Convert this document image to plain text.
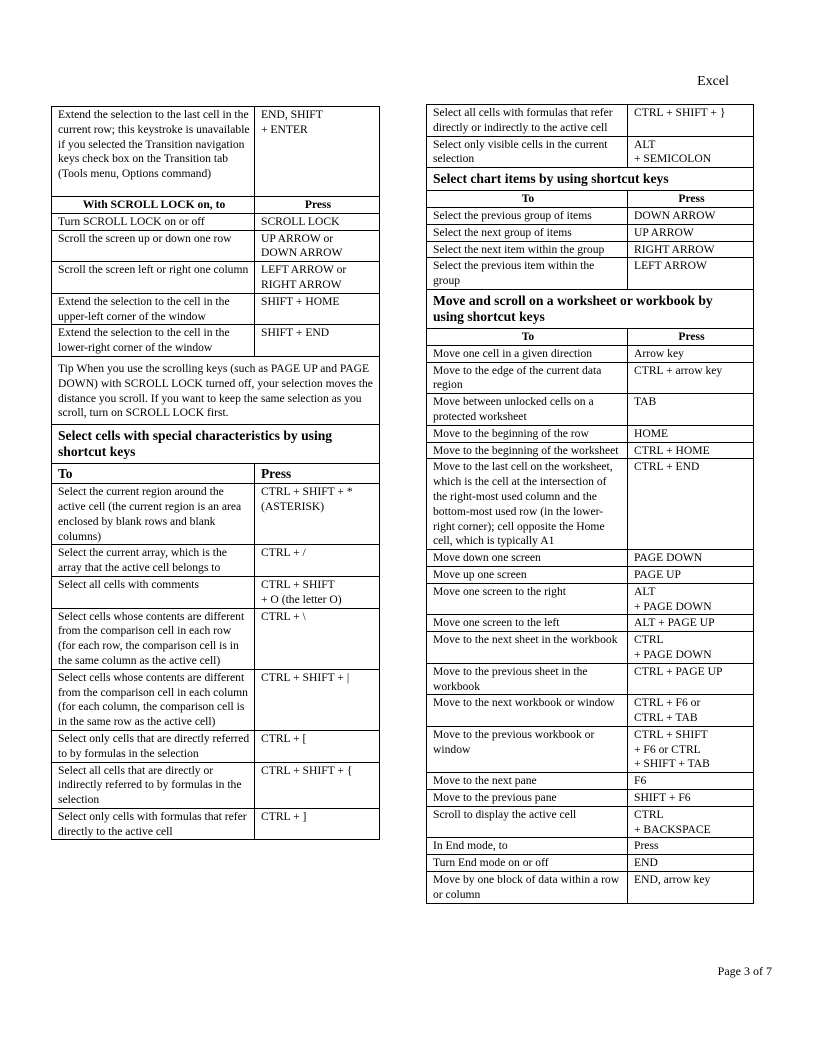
Excel
Extend the selection to the last cell in the current row; this keystroke is unavailable if you selected the Transition navigation keys check box on the Transition tab (Tools menu, Options command)	END, SHIFT
+ ENTER
With SCROLL LOCK on, to	Press
Turn SCROLL LOCK on or off	SCROLL LOCK
Scroll the screen up or down one row	UP ARROW or
DOWN ARROW
Scroll the screen left or right one column	LEFT ARROW or
RIGHT ARROW
Extend the selection to the cell in the upper-left corner of the window	SHIFT + HOME
Extend the selection to the cell in the lower-right corner of the window	SHIFT + END
Tip When you use the scrolling keys (such as PAGE UP and PAGE DOWN) with SCROLL LOCK turned off, your selection moves the distance you scroll. If you want to keep the same selection as you scroll, turn on SCROLL LOCK first.	
Select cells with special characteristics by using shortcut keys	
To	Press
Select the current region around the active cell (the current region is an area enclosed by blank rows and blank columns)	CTRL + SHIFT + *
(ASTERISK)
Select the current array, which is the array that the active cell belongs to	CTRL + /
Select all cells with comments	CTRL + SHIFT
+ O (the letter O)
Select cells whose contents are different from the comparison cell in each row (for each row, the comparison cell is in the same column as the active cell)	CTRL + \
Select cells whose contents are different from the comparison cell in each column (for each column, the comparison cell is in the same row as the active cell)	CTRL + SHIFT + |
Select only cells that are directly referred to by formulas in the selection	CTRL + [
Select all cells that are directly or indirectly referred to by formulas in the selection	CTRL + SHIFT + {
Select only cells with formulas that refer directly to the active cell	CTRL + ]
Select all cells with formulas that refer directly or indirectly to the active cell	CTRL + SHIFT + }
Select only visible cells in the current selection	ALT
+ SEMICOLON
Select chart items by using shortcut keys	
To	Press
Select the previous group of items	DOWN ARROW
Select the next group of items	UP ARROW
Select the next item within the group	RIGHT ARROW
Select the previous item within the group	LEFT ARROW
Move and scroll on a worksheet or workbook by using shortcut keys	
To	Press
Move one cell in a given direction	Arrow key
Move to the edge of the current data region	CTRL + arrow key
Move between unlocked cells on a protected worksheet	TAB
Move to the beginning of the row	HOME
Move to the beginning of the worksheet	CTRL + HOME
Move to the last cell on the worksheet, which is the cell at the intersection of the right-most used column and the bottom-most used row (in the lower-right corner); cell opposite the Home cell, which is typically A1	CTRL + END
Move down one screen	PAGE DOWN
Move up one screen	PAGE UP
Move one screen to the right	ALT
+ PAGE DOWN
Move one screen to the left	ALT + PAGE UP
Move to the next sheet in the workbook	CTRL
+ PAGE DOWN
Move to the previous sheet in the workbook	CTRL + PAGE UP
Move to the next workbook or window	CTRL + F6 or
CTRL + TAB
Move to the previous workbook or window	CTRL + SHIFT
+ F6 or CTRL
+ SHIFT + TAB
Move to the next pane	F6
Move to the previous pane	SHIFT + F6
Scroll to display the active cell	CTRL
+ BACKSPACE
In End mode, to	Press
Turn End mode on or off	END
Move by one block of data within a row or column	END, arrow key
Page 3 of 7
